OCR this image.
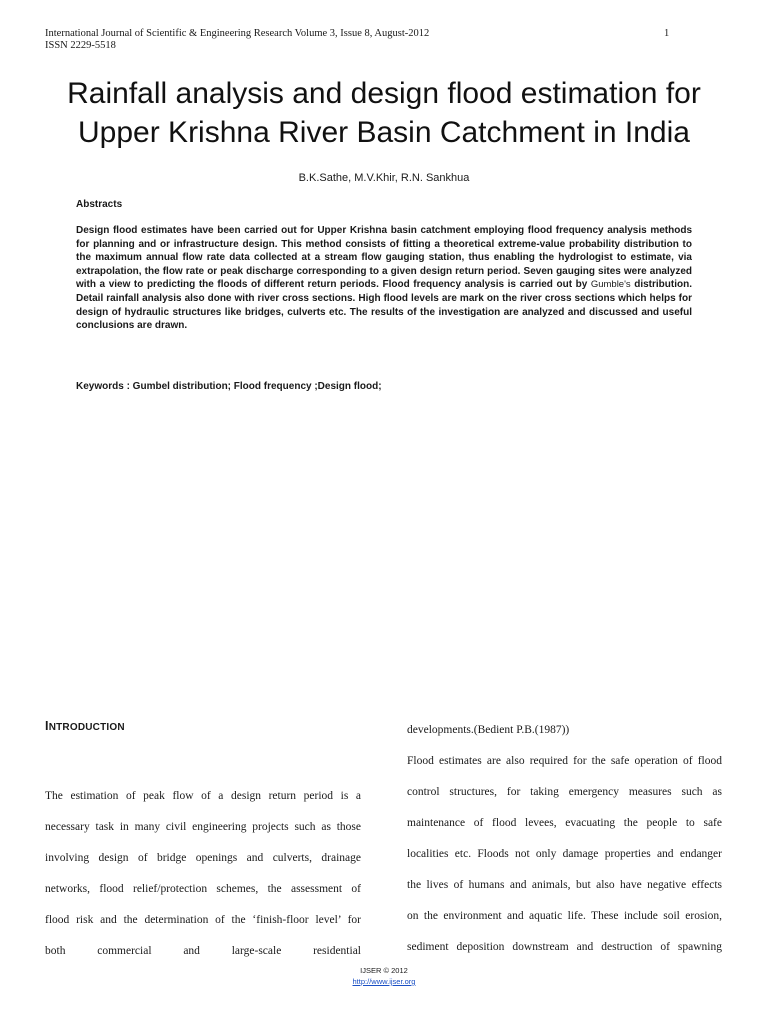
International Journal of Scientific & Engineering Research Volume 3, Issue 8, August-2012
ISSN 2229-5518
1
Rainfall analysis and design flood estimation for
Upper Krishna River Basin Catchment in India
B.K.Sathe, M.V.Khir, R.N. Sankhua
Abstracts
Design flood estimates have been carried out for Upper Krishna basin catchment employing flood frequency analysis methods for planning and or infrastructure design. This method consists of fitting a theoretical extreme-value probability distribution to the maximum annual flow rate data collected at a stream flow gauging station, thus enabling the hydrologist to estimate, via extrapolation, the flow rate or peak discharge corresponding to a given design return period. Seven gauging sites were analyzed with a view to predicting the floods of different return periods. Flood frequency analysis is carried out by Gumble's distribution. Detail rainfall analysis also done with river cross sections. High flood levels are mark on the river cross sections which helps for design of hydraulic structures like bridges, culverts etc. The results of the investigation are analyzed and discussed and useful conclusions are drawn.
Keywords : Gumbel distribution; Flood frequency ;Design flood;
INTRODUCTION
The estimation of peak flow of a design return period is a
necessary task in many civil engineering projects such as those
involving design of bridge openings and culverts, drainage
networks, flood relief/protection schemes, the assessment of
flood risk and the determination of the ‘finish-floor level’ for
both commercial and large-scale residential
developments.(Bedient P.B.(1987))
Flood estimates are also required for the safe operation of flood
control structures, for taking emergency measures such as
maintenance of flood levees, evacuating the people to safe
localities etc. Floods not only damage properties and endanger
the lives of humans and animals, but also have negative effects
on the environment and aquatic life. These include soil erosion,
sediment deposition downstream and destruction of spawning
IJSER © 2012
http://www.ijser.org
